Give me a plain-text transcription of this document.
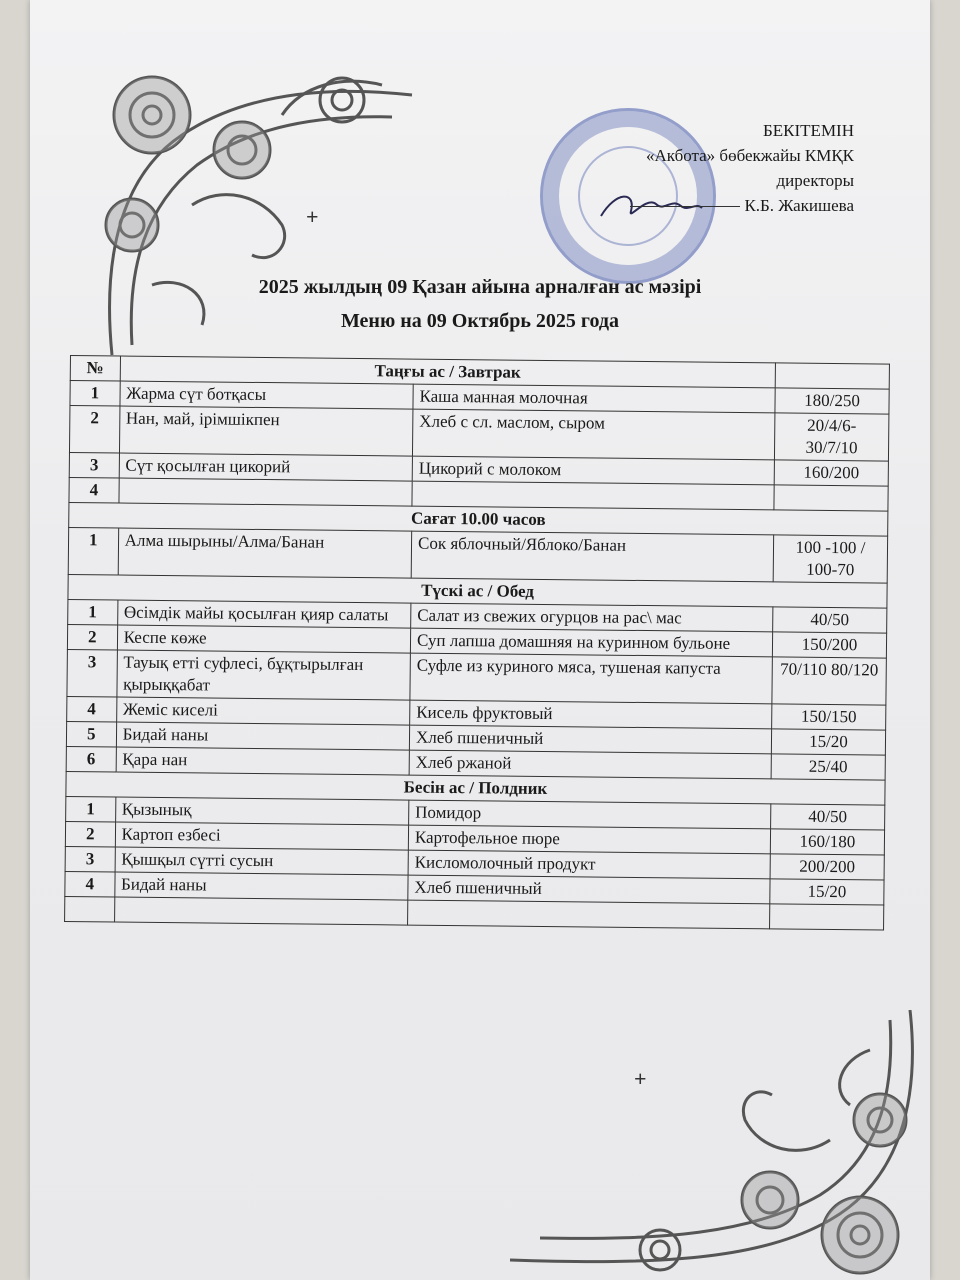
+
+
БЕКІТЕМІН
«Акбота» бөбекжайы КМҚК
директоры
К.Б. Жакишева
2025 жылдың 09 Қазан айына арналған ас мәзірі
Меню на 09 Октябрь 2025 года
№	Таңғы ас / Завтрак		
1	Жарма сүт ботқасы	Каша манная молочная	180/250
2	Нан, май, ірімшікпен	Хлеб с сл. маслом, сыром	20/4/6-30/7/10
3	Сүт қосылған цикорий	Цикорий с молоком	160/200
4			
Сағат 10.00 часов			
1	Алма шырыны/Алма/Банан	Сок яблочный/Яблоко/Банан	100 -100 / 100-70
Түскі ас / Обед			
1	Өсімдік майы қосылған қияр салаты	Салат из свежих огурцов на рас\ мас	40/50
2	Кеспе көже	Суп лапша домашняя на куринном бульоне	150/200
3	Тауық етті суфлесі, бұқтырылған қырыққабат	Суфле из куриного мяса, тушеная капуста	70/110 80/120
4	Жеміс киселі	Кисель фруктовый	150/150
5	Бидай наны	Хлеб пшеничный	15/20
6	Қара нан	Хлеб ржаной	25/40
Бесін ас / Полдник			
1	Қызынық	Помидор	40/50
2	Картоп езбесі	Картофельное пюре	160/180
3	Қышқыл сүтті сусын	Кисломолочный продукт	200/200
4	Бидай наны	Хлеб пшеничный	15/20
